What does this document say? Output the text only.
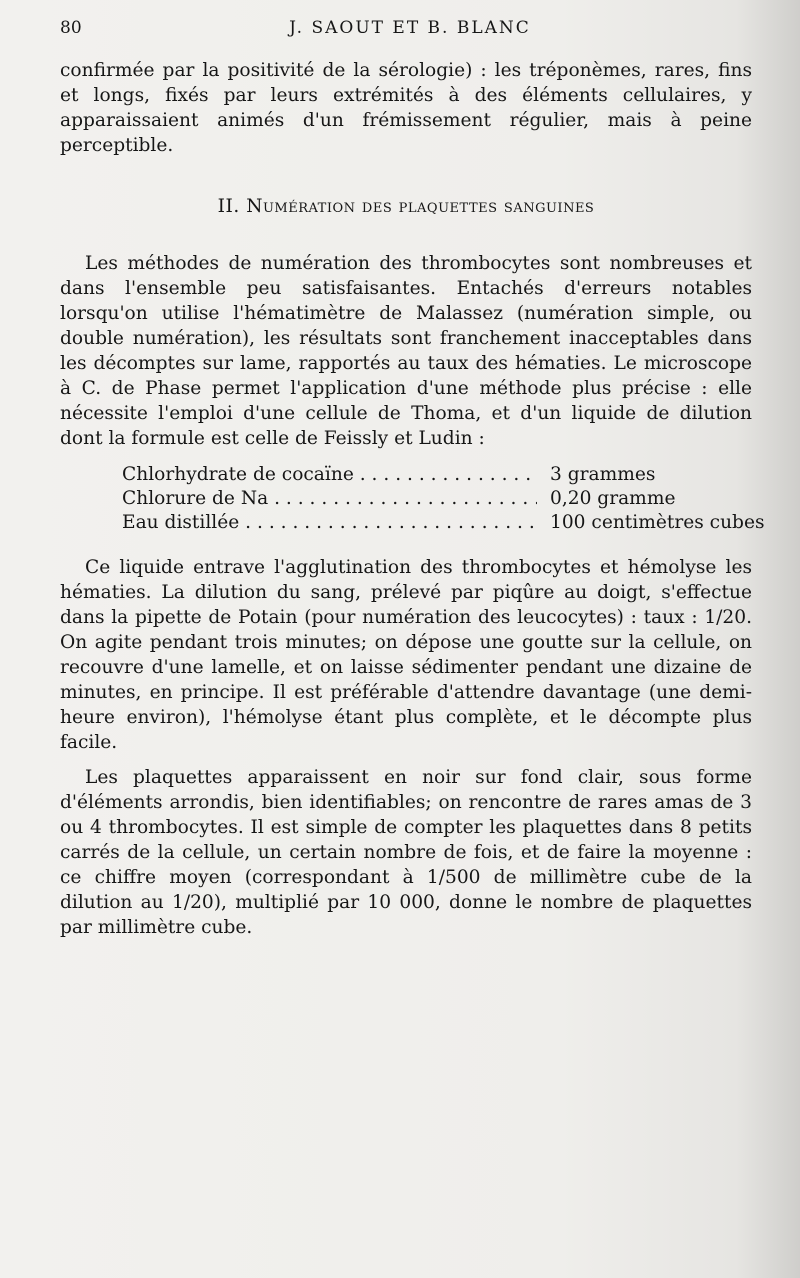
80	J. SAOUT ET B. BLANC

confirmée par la positivité de la sérologie) : les tréponèmes, rares, fins et longs, fixés par leurs extrémités à des éléments cellulaires, y apparaissaient animés d'un frémissement régulier, mais à peine perceptible.

II. Numération des plaquettes sanguines

Les méthodes de numération des thrombocytes sont nombreuses et dans l'ensemble peu satisfaisantes. Entachés d'erreurs notables lorsqu'on utilise l'hématimètre de Malassez (numération simple, ou double numération), les résultats sont franchement inacceptables dans les décomptes sur lame, rapportés au taux des hématies. Le microscope à C. de Phase permet l'application d'une méthode plus précise : elle nécessite l'emploi d'une cellule de Thoma, et d'un liquide de dilution dont la formule est celle de Feissly et Ludin :

Chlorhydrate de cocaïne . . .	3 grammes
Chlorure de Na . . .	0,20 gramme
Eau distillée . . .	100 centimètres cubes

Ce liquide entrave l'agglutination des thrombocytes et hémolyse les hématies. La dilution du sang, prélevé par piqûre au doigt, s'effectue dans la pipette de Potain (pour numération des leucocytes) : taux : 1/20. On agite pendant trois minutes; on dépose une goutte sur la cellule, on recouvre d'une lamelle, et on laisse sédimenter pendant une dizaine de minutes, en principe. Il est préférable d'attendre davantage (une demi-heure environ), l'hémolyse étant plus complète, et le décompte plus facile.

Les plaquettes apparaissent en noir sur fond clair, sous forme d'éléments arrondis, bien identifiables; on rencontre de rares amas de 3 ou 4 thrombocytes. Il est simple de compter les plaquettes dans 8 petits carrés de la cellule, un certain nombre de fois, et de faire la moyenne : ce chiffre moyen (correspondant à 1/500 de millimètre cube de la dilution au 1/20), multiplié par 10 000, donne le nombre de plaquettes par millimètre cube.
